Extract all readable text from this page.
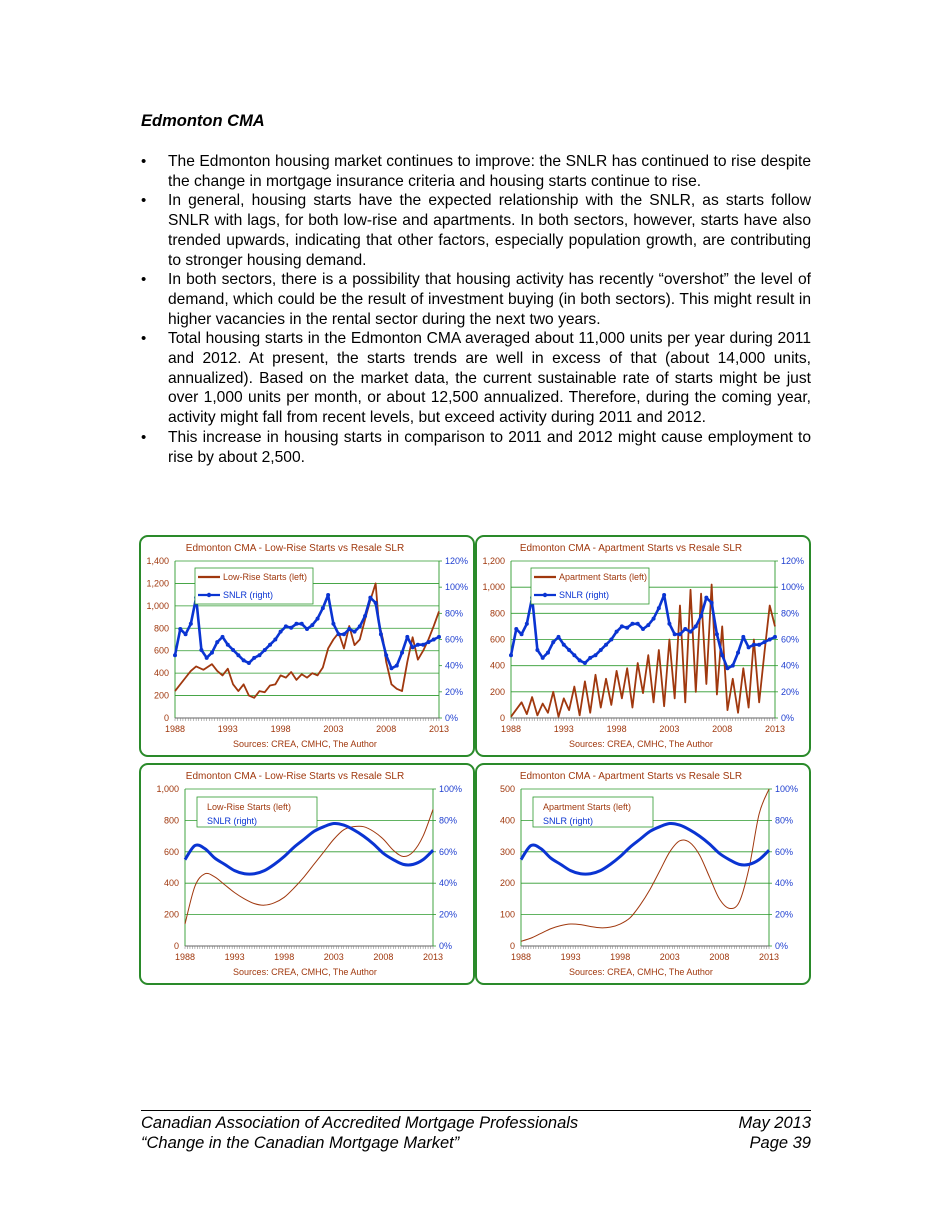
Edmonton CMA
• The Edmonton housing market continues to improve: the SNLR has continued to rise despite the change in mortgage insurance criteria and housing starts continue to rise.
• In general, housing starts have the expected relationship with the SNLR, as starts follow SNLR with lags, for both low-rise and apartments. In both sectors, however, starts have also trended upwards, indicating that other factors, especially population growth, are contributing to stronger housing demand.
• In both sectors, there is a possibility that housing activity has recently “overshot” the level of demand, which could be the result of investment buying (in both sectors). This might result in higher vacancies in the rental sector during the next two years.
• Total housing starts in the Edmonton CMA averaged about 11,000 units per year during 2011 and 2012. At present, the starts trends are well in excess of that (about 14,000 units, annualized). Based on the market data, the current sustainable rate of starts might be just over 1,000 units per month, or about 12,500 annualized. Therefore, during the coming year, activity might fall from recent levels, but exceed activity during 2011 and 2012.
• This increase in housing starts in comparison to 2011 and 2012 might cause employment to rise by about 2,500.
Edmonton CMA - Low-Rise Starts vs Resale SLR
0
200
400
600
800
1,000
1,200
1,400
0%
20%
40%
60%
80%
100%
120%
1988	1993	1998	2003	2008	2013
Sources: CREA, CMHC, The Author
Low-Rise Starts (left)
SNLR (right)
Edmonton CMA - Apartment Starts vs Resale SLR
0
200
400
600
800
1,000
1,200
0%
20%
40%
60%
80%
100%
120%
1988	1993	1998	2003	2008	2013
Sources: CREA, CMHC, The Author
Apartment Starts (left)
SNLR (right)
Edmonton CMA - Low-Rise Starts vs Resale SLR
0
200
400
600
800
1,000
0%
20%
40%
60%
80%
100%
1988	1993	1998	2003	2008	2013
Sources: CREA, CMHC, The Author
Low-Rise Starts (left)
SNLR (right)
Edmonton CMA - Apartment Starts vs Resale SLR
0
100
200
300
400
500
0%
20%
40%
60%
80%
100%
1988	1993	1998	2003	2008	2013
Sources: CREA, CMHC, The Author
Apartment Starts (left)
SNLR (right)
Canadian Association of Accredited Mortgage Professionals
“Change in the Canadian Mortgage Market”
May 2013
Page 39
